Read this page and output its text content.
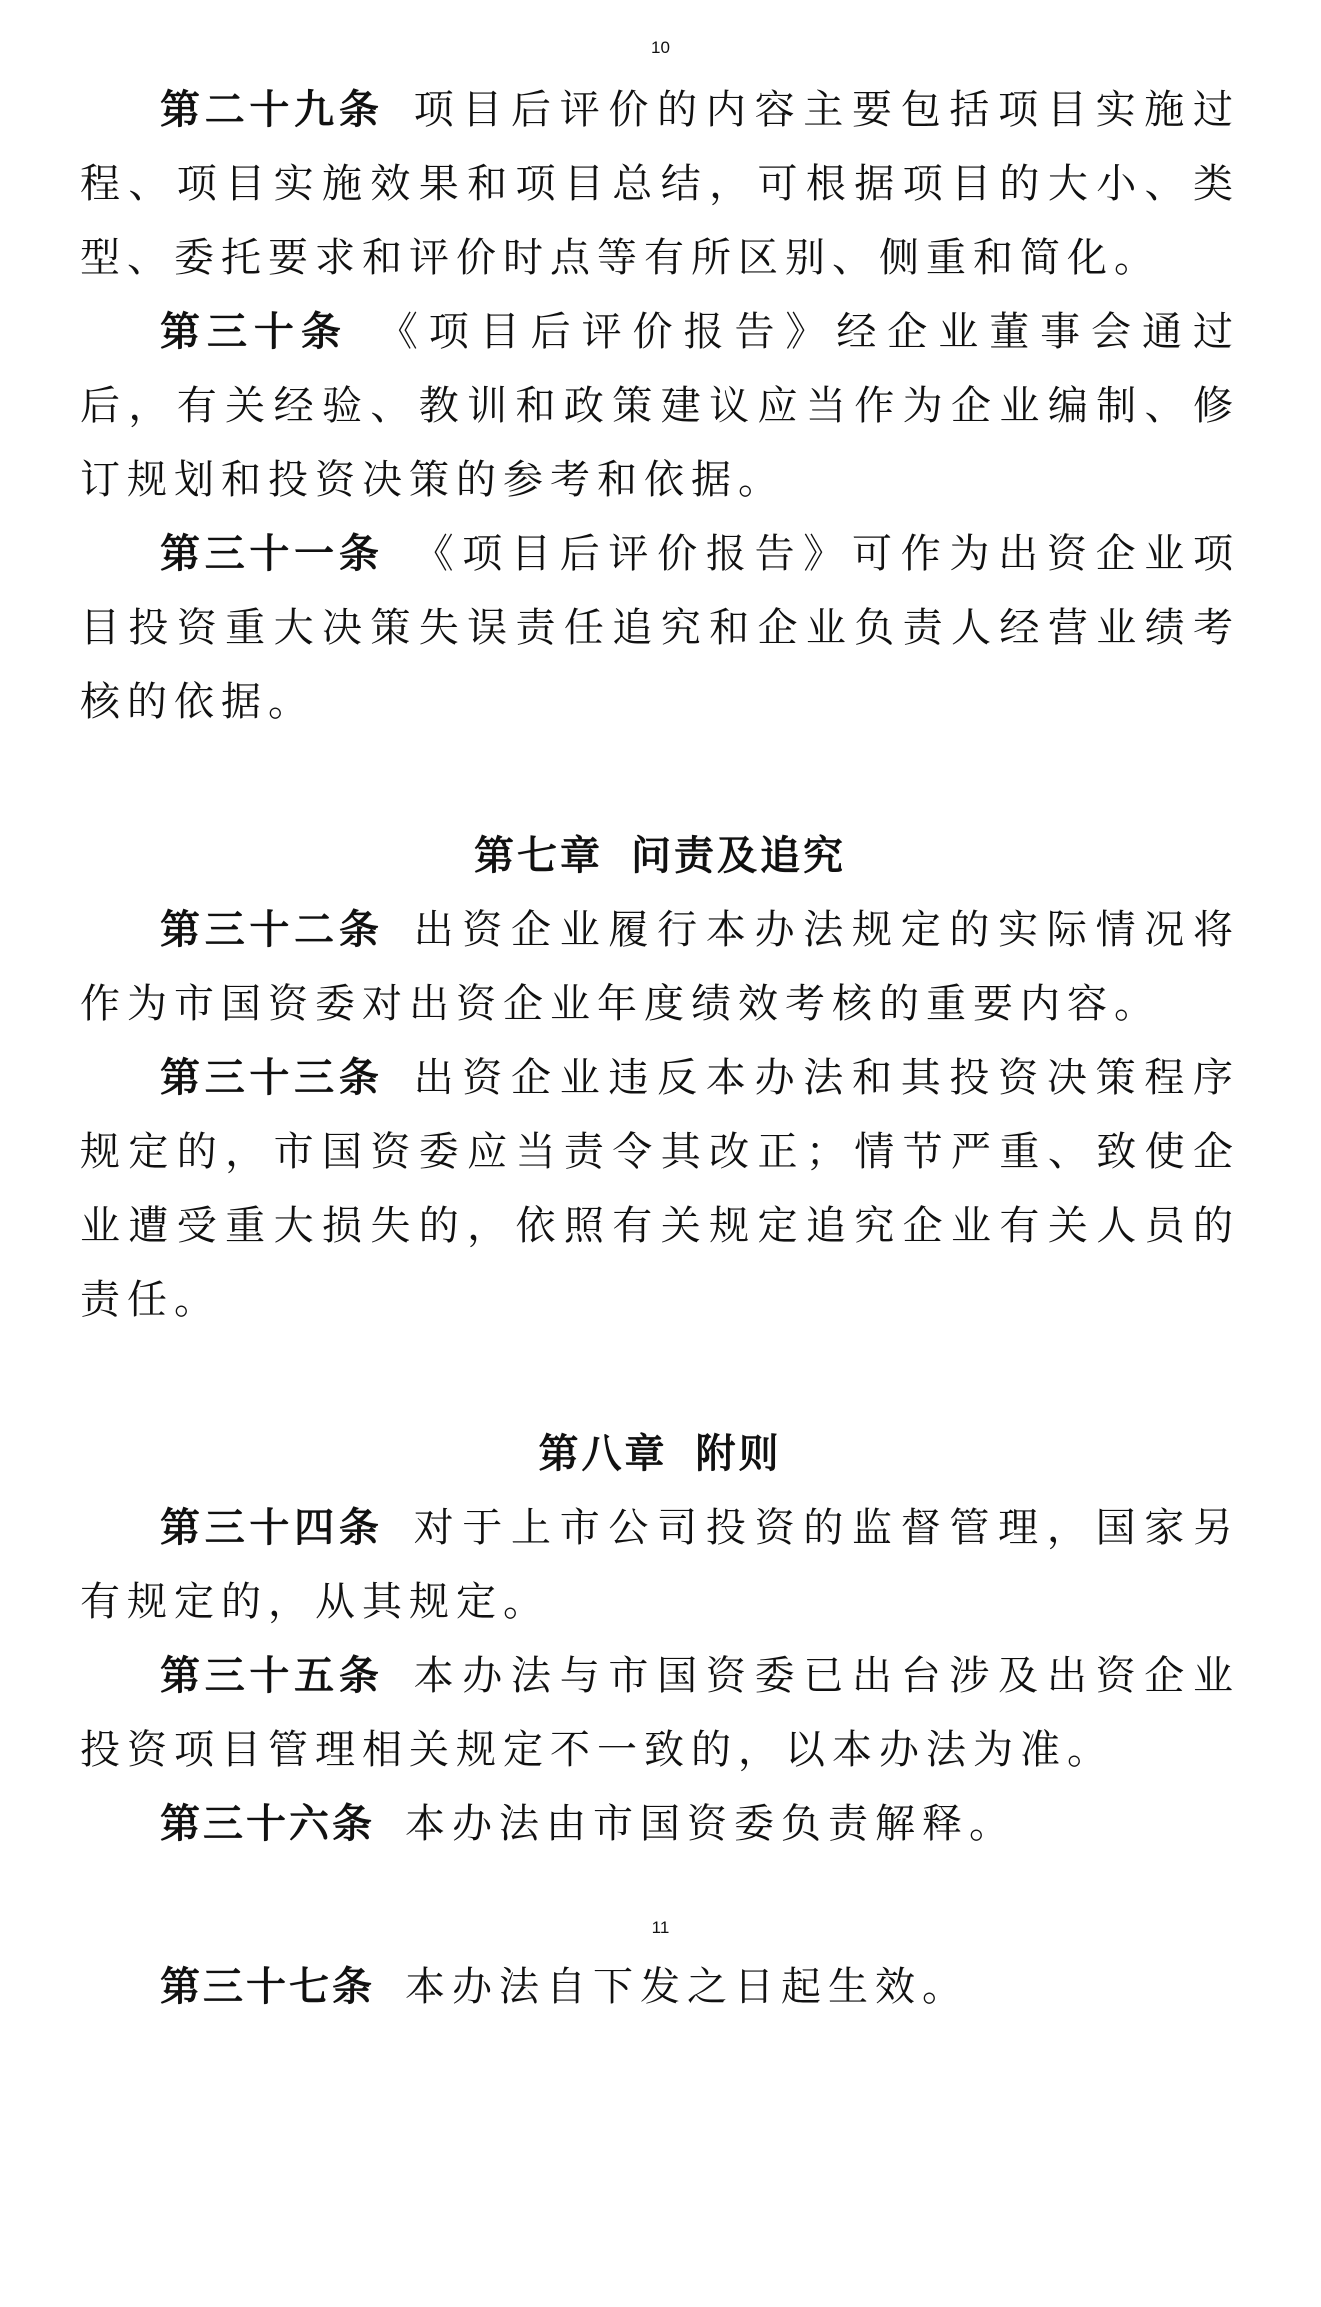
10

第二十九条 项目后评价的内容主要包括项目实施过程、项目实施效果和项目总结，可根据项目的大小、类型、委托要求和评价时点等有所区别、侧重和简化。

第三十条 《项目后评价报告》经企业董事会通过后，有关经验、教训和政策建议应当作为企业编制、修订规划和投资决策的参考和依据。

第三十一条 《项目后评价报告》可作为出资企业项目投资重大决策失误责任追究和企业负责人经营业绩考核的依据。

第七章 问责及追究

第三十二条 出资企业履行本办法规定的实际情况将作为市国资委对出资企业年度绩效考核的重要内容。

第三十三条 出资企业违反本办法和其投资决策程序规定的，市国资委应当责令其改正；情节严重、致使企业遭受重大损失的，依照有关规定追究企业有关人员的责任。

第八章 附则

第三十四条 对于上市公司投资的监督管理，国家另有规定的，从其规定。

第三十五条 本办法与市国资委已出台涉及出资企业投资项目管理相关规定不一致的，以本办法为准。

第三十六条 本办法由市国资委负责解释。

11

第三十七条 本办法自下发之日起生效。
